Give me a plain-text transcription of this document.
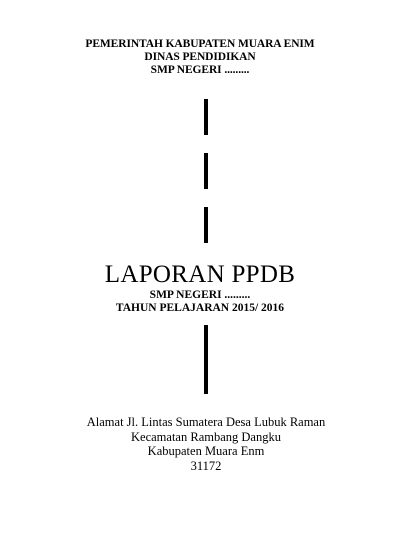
PEMERINTAH KABUPATEN MUARA ENIM
DINAS PENDIDIKAN
SMP NEGERI .........
LAPORAN PPDB
SMP NEGERI .........
TAHUN PELAJARAN 2015/ 2016
Alamat Jl. Lintas Sumatera Desa Lubuk Raman
Kecamatan Rambang Dangku
Kabupaten Muara Enm
31172
